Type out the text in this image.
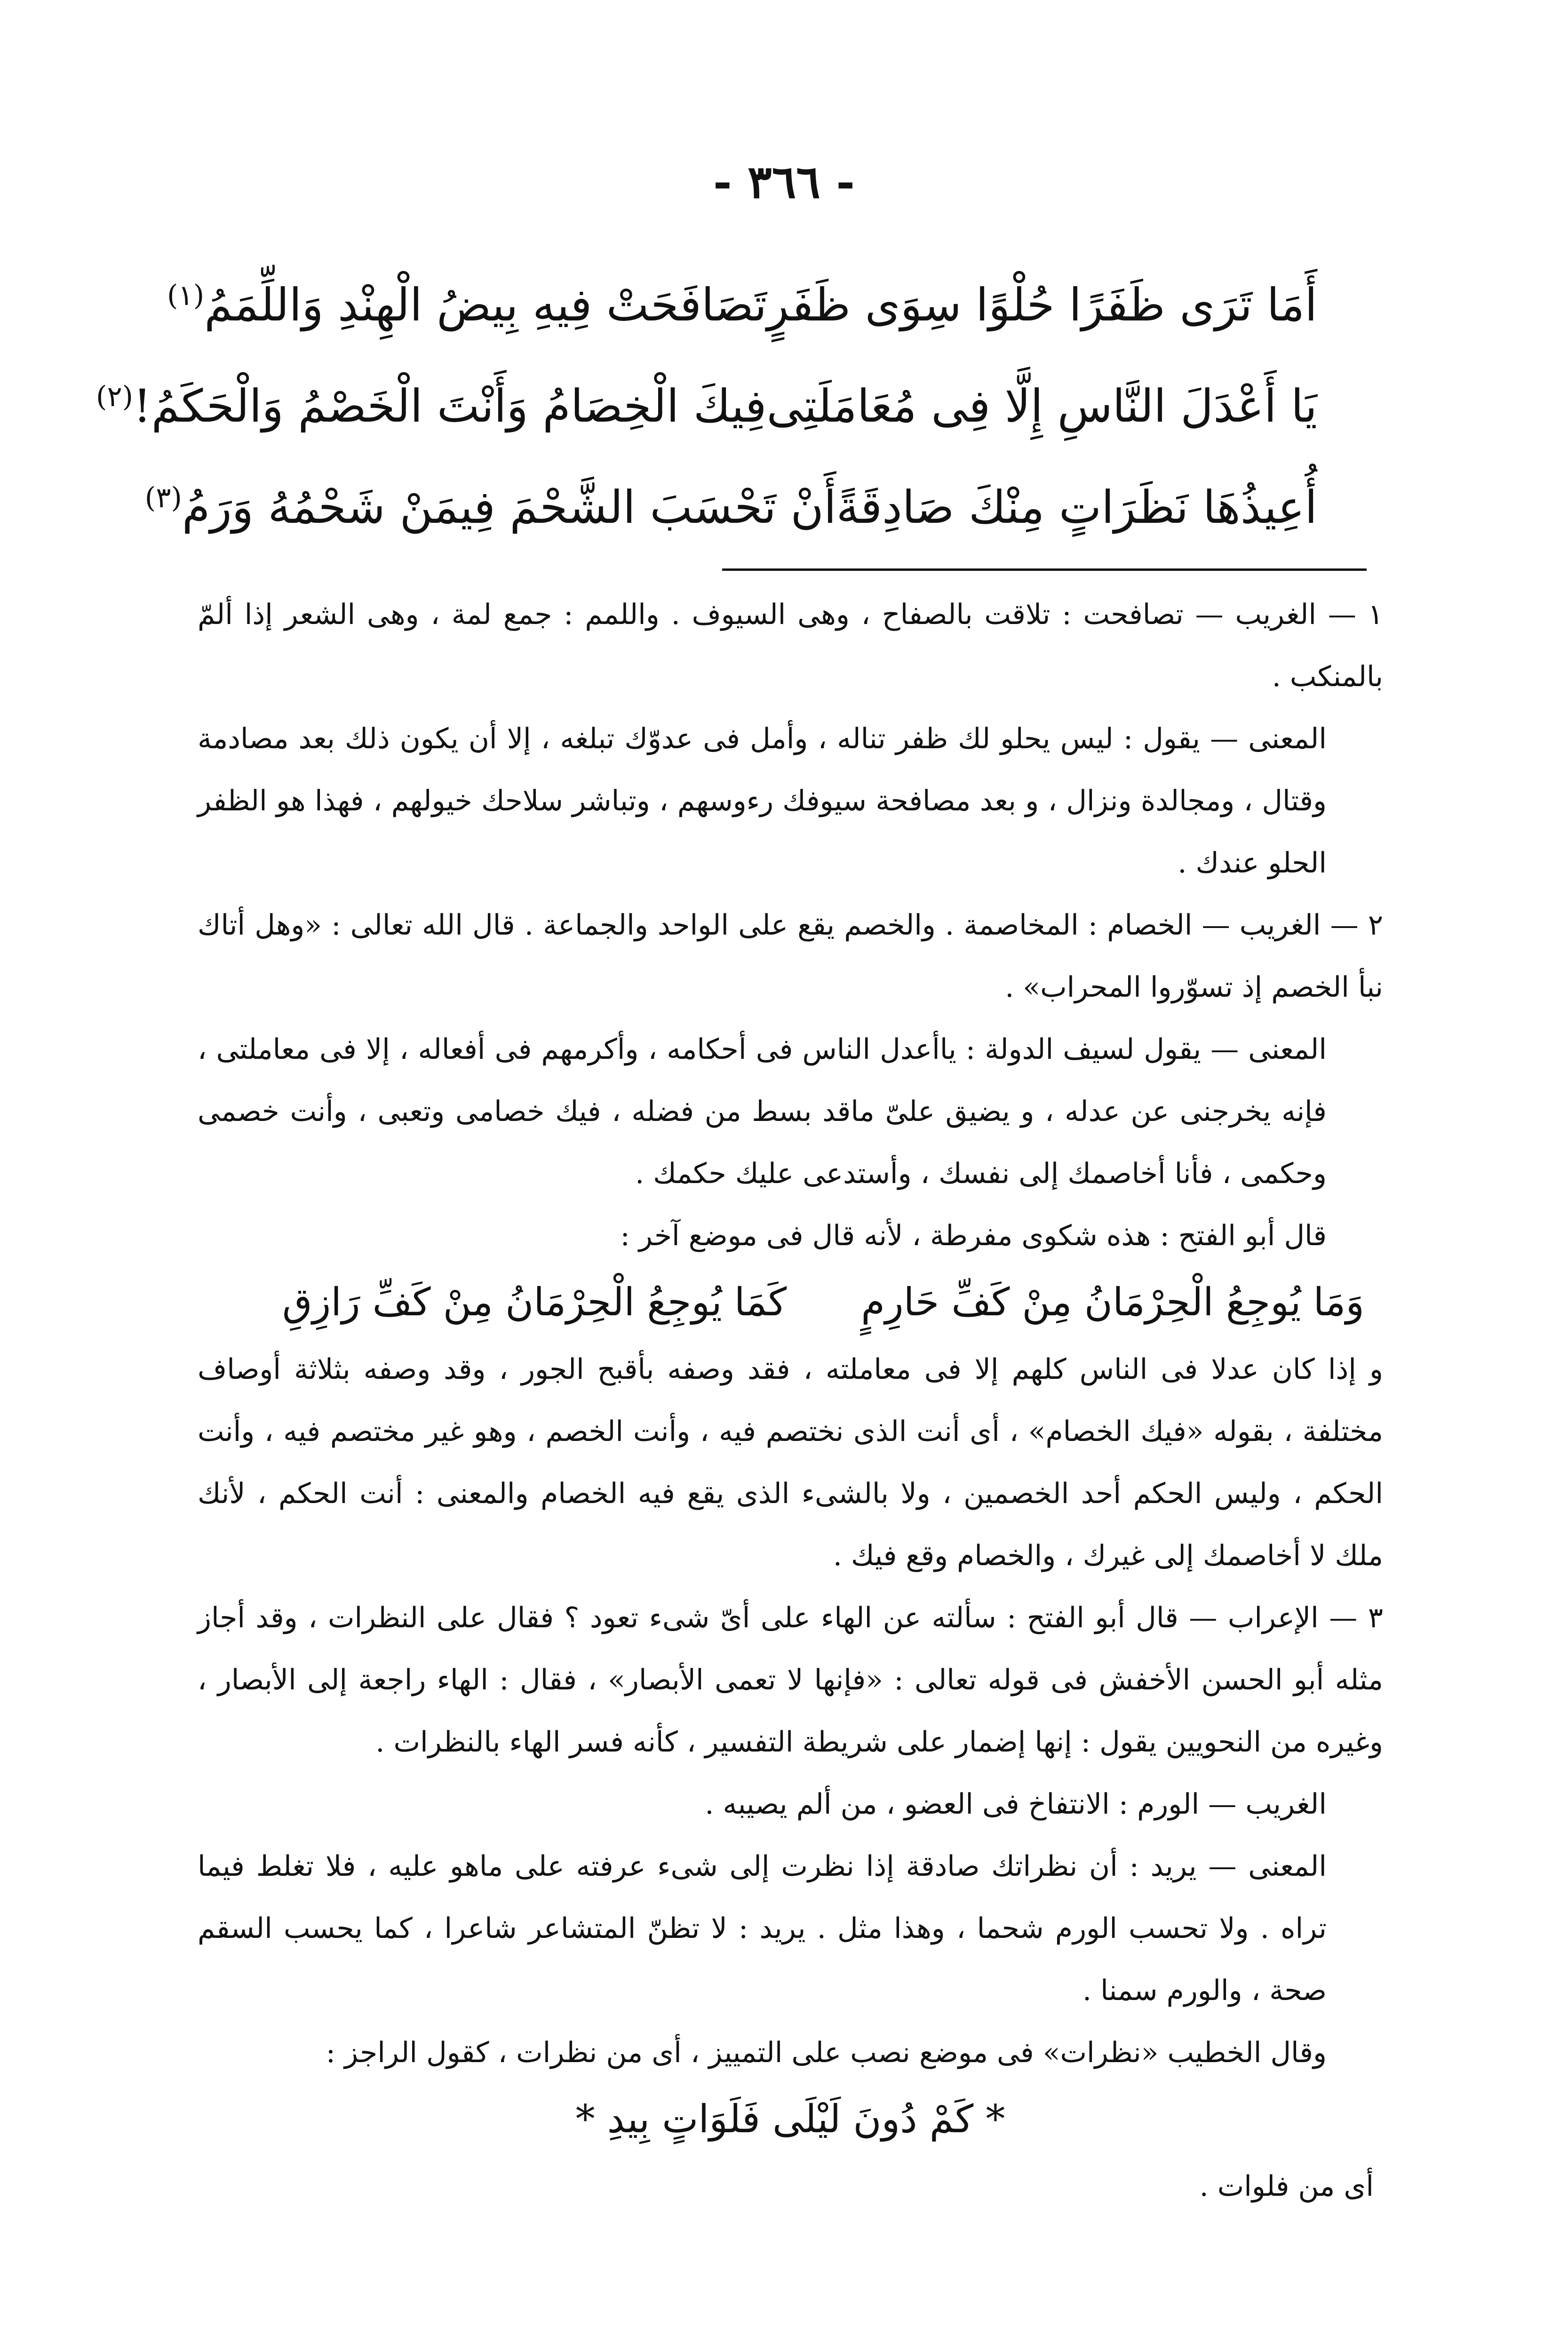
- ٣٦٦ -
أَمَا تَرَى ظَفَرًا حُلْوًا سِوَى ظَفَرٍ
تَصَافَحَتْ فِيهِ بِيضُ الْهِنْدِ وَاللِّمَمُ$^{(١)}$
يَا أَعْدَلَ النَّاسِ إِلَّا فِى مُعَامَلَتِى
فِيكَ الْخِصَامُ وَأَنْتَ الْخَصْمُ وَالْحَكَمُ!$^{(٢)}$
أُعِيذُهَا نَظَرَاتٍ مِنْكَ صَادِقَةً
أَنْ تَحْسَبَ الشَّحْمَ فِيمَنْ شَحْمُهُ وَرَمُ$^{(٣)}$

١ — الغريب — تصافحت : تلاقت بالصفاح ، وهى السيوف . واللمم : جمع لمة ، وهى الشعر إذا ألمّ بالمنكب .

المعنى — يقول : ليس يحلو لك ظفر تناله ، وأمل فى عدوّك تبلغه ، إلا أن يكون ذلك بعد مصادمة وقتال ، ومجالدة ونزال ، و بعد مصافحة سيوفك رءوسهم ، وتباشر سلاحك خيولهم ، فهذا هو الظفر الحلو عندك .

٢ — الغريب — الخصام : المخاصمة . والخصم يقع على الواحد والجماعة . قال الله تعالى : «وهل أتاك نبأ الخصم إذ تسوّروا المحراب» .

المعنى — يقول لسيف الدولة : ياأعدل الناس فى أحكامه ، وأكرمهم فى أفعاله ، إلا فى معاملتى ، فإنه يخرجنى عن عدله ، و يضيق علىّ ماقد بسط من فضله ، فيك خصامى وتعبى ، وأنت خصمى وحكمى ، فأنا أخاصمك إلى نفسك ، وأستدعى عليك حكمك .

قال أبو الفتح : هذه شكوى مفرطة ، لأنه قال فى موضع آخر :

وَمَا يُوجِعُ الْحِرْمَانُ مِنْ كَفِّ حَارِمٍ
كَمَا يُوجِعُ الْحِرْمَانُ مِنْ كَفِّ رَازِقِ

و إذا كان عدلا فى الناس كلهم إلا فى معاملته ، فقد وصفه بأقبح الجور ، وقد وصفه بثلاثة أوصاف مختلفة ، بقوله «فيك الخصام» ، أى أنت الذى نختصم فيه ، وأنت الخصم ، وهو غير مختصم فيه ، وأنت الحكم ، وليس الحكم أحد الخصمين ، ولا بالشىء الذى يقع فيه الخصام والمعنى : أنت الحكم ، لأنك ملك لا أخاصمك إلى غيرك ، والخصام وقع فيك .

٣ — الإعراب — قال أبو الفتح : سألته عن الهاء على أىّ شىء تعود ؟ فقال على النظرات ، وقد أجاز مثله أبو الحسن الأخفش فى قوله تعالى : «فإنها لا تعمى الأبصار» ، فقال : الهاء راجعة إلى الأبصار ، وغيره من النحويين يقول : إنها إضمار على شريطة التفسير ، كأنه فسر الهاء بالنظرات .

الغريب — الورم : الانتفاخ فى العضو ، من ألم يصيبه .

المعنى — يريد : أن نظراتك صادقة إذا نظرت إلى شىء عرفته على ماهو عليه ، فلا تغلط فيما تراه . ولا تحسب الورم شحما ، وهذا مثل . يريد : لا تظنّ المتشاعر شاعرا ، كما يحسب السقم صحة ، والورم سمنا .

وقال الخطيب «نظرات» فى موضع نصب على التمييز ، أى من نظرات ، كقول الراجز :

* كَمْ دُونَ لَيْلَى فَلَوَاتٍ بِيدِ *

أى من فلوات .
